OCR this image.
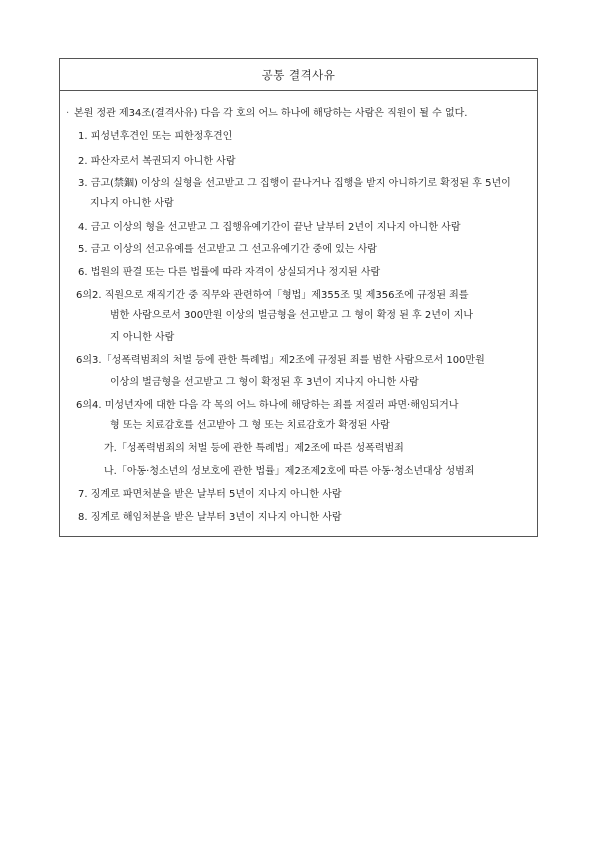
공통 결격사유
· 본원 정관 제34조(결격사유) 다음 각 호의 어느 하나에 해당하는 사람은 직원이 될 수 없다.
1. 피성년후견인 또는 피한정후견인
2. 파산자로서 복권되지 아니한 사람
3. 금고(禁錮) 이상의 실형을 선고받고 그 집행이 끝나거나 집행을 받지 아니하기로 확정된 후 5년이
지나지 아니한 사람
4. 금고 이상의 형을 선고받고 그 집행유예기간이 끝난 날부터 2년이 지나지 아니한 사람
5. 금고 이상의 선고유예를 선고받고 그 선고유예기간 중에 있는 사람
6. 법원의 판결 또는 다른 법률에 따라 자격이 상실되거나 정지된 사람
6의2. 직원으로 재직기간 중 직무와 관련하여「형법」제355조 및 제356조에 규정된 죄를
범한 사람으로서 300만원 이상의 벌금형을 선고받고 그 형이 확정 된 후 2년이 지나
지 아니한 사람
6의3.「성폭력범죄의 처벌 등에 관한 특례법」제2조에 규정된 죄를 범한 사람으로서 100만원
이상의 벌금형을 선고받고 그 형이 확정된 후 3년이 지나지 아니한 사람
6의4. 미성년자에 대한 다음 각 목의 어느 하나에 해당하는 죄를 저질러 파면·해임되거나
형 또는 치료감호를 선고받아 그 형 또는 치료감호가 확정된 사람
가.「성폭력범죄의 처벌 등에 관한 특례법」제2조에 따른 성폭력범죄
나.「아동·청소년의 성보호에 관한 법률」제2조제2호에 따른 아동·청소년대상 성범죄
7. 징계로 파면처분을 받은 날부터 5년이 지나지 아니한 사람
8. 징계로 해임처분을 받은 날부터 3년이 지나지 아니한 사람
